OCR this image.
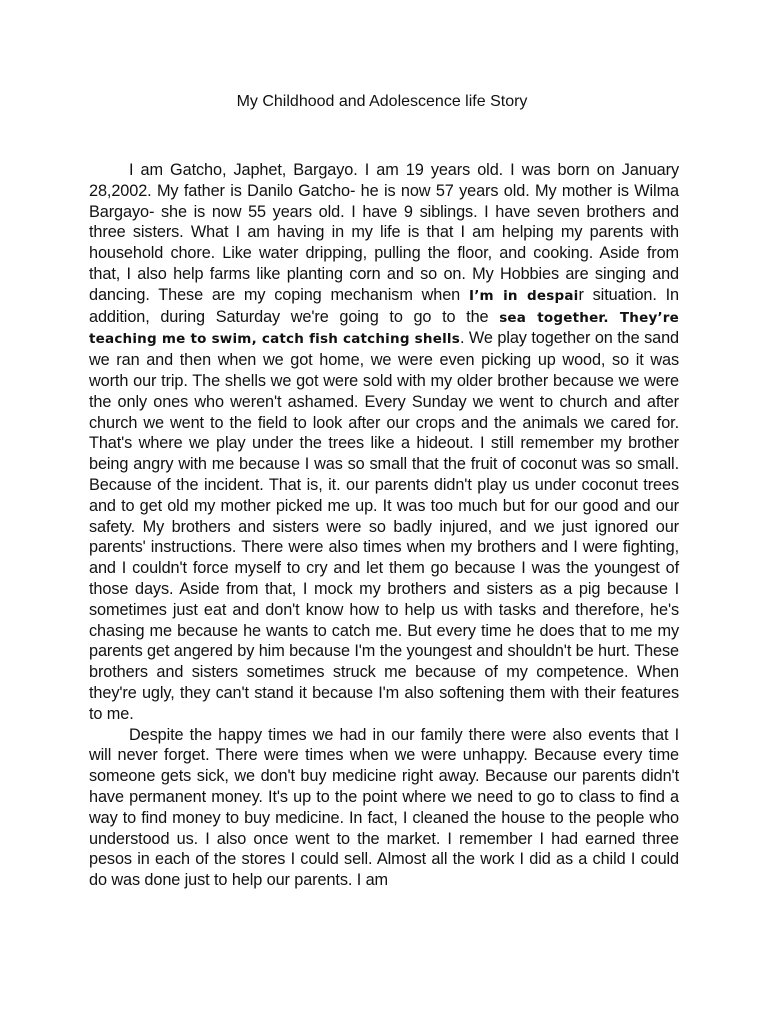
My Childhood and Adolescence life Story

I am Gatcho, Japhet, Bargayo. I am 19 years old. I was born on January 28,2002. My father is Danilo Gatcho- he is now 57 years old. My mother is Wilma Bargayo- she is now 55 years old. I have 9 siblings. I have seven brothers and three sisters. What I am having in my life is that I am helping my parents with household chore. Like water dripping, pulling the floor, and cooking. Aside from that, I also help farms like planting corn and so on. My Hobbies are singing and dancing. These are my coping mechanism when I’m in despair situation. In addition, during Saturday we're going to go to the sea together. They’re teaching me to swim, catch fish catching shells. We play together on the sand we ran and then when we got home, we were even picking up wood, so it was worth our trip. The shells we got were sold with my older brother because we were the only ones who weren't ashamed. Every Sunday we went to church and after church we went to the field to look after our crops and the animals we cared for. That's where we play under the trees like a hideout. I still remember my brother being angry with me because I was so small that the fruit of coconut was so small. Because of the incident. That is, it. our parents didn't play us under coconut trees and to get old my mother picked me up. It was too much but for our good and our safety. My brothers and sisters were so badly injured, and we just ignored our parents' instructions. There were also times when my brothers and I were fighting, and I couldn't force myself to cry and let them go because I was the youngest of those days. Aside from that, I mock my brothers and sisters as a pig because I sometimes just eat and don't know how to help us with tasks and therefore, he's chasing me because he wants to catch me. But every time he does that to me my parents get angered by him because I'm the youngest and shouldn't be hurt. These brothers and sisters sometimes struck me because of my competence. When they're ugly, they can't stand it because I'm also softening them with their features to me.

Despite the happy times we had in our family there were also events that I will never forget. There were times when we were unhappy. Because every time someone gets sick, we don't buy medicine right away. Because our parents didn't have permanent money. It's up to the point where we need to go to class to find a way to find money to buy medicine. In fact, I cleaned the house to the people who understood us. I also once went to the market. I remember I had earned three pesos in each of the stores I could sell. Almost all the work I did as a child I could do was done just to help our parents. I am
